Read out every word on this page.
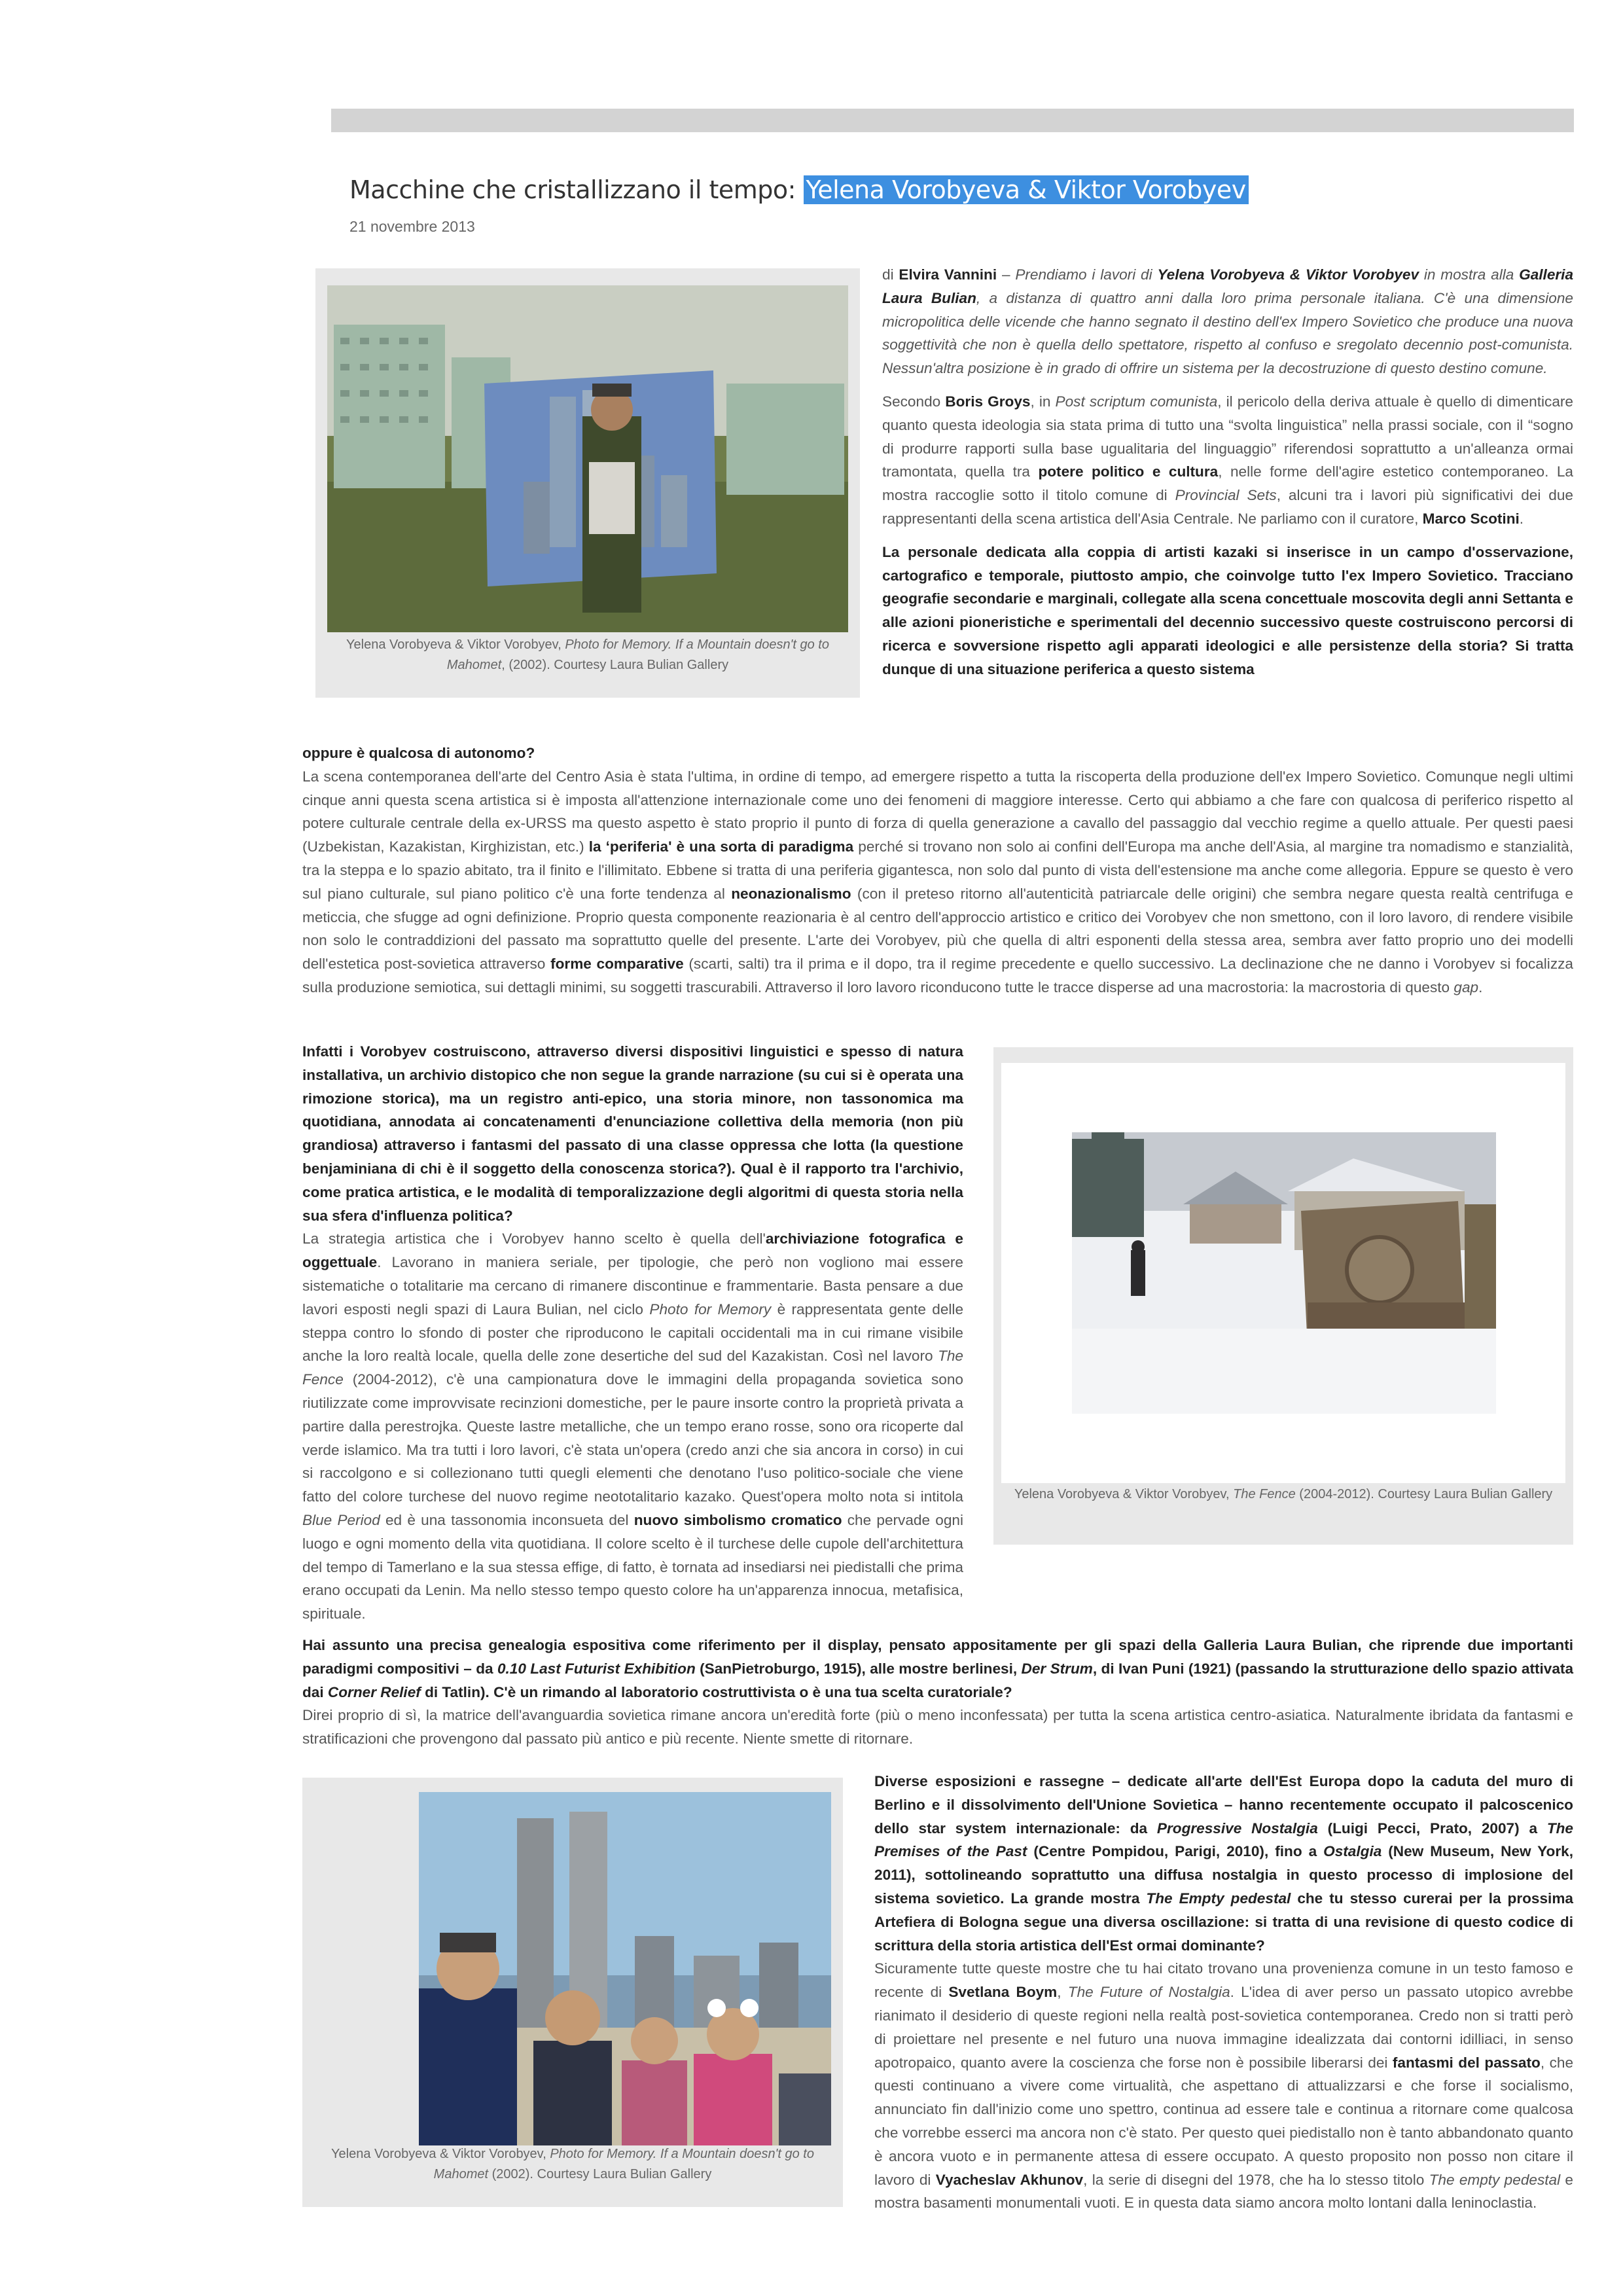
Macchine che cristallizzano il tempo: Yelena Vorobyeva & Viktor Vorobyev
21 novembre 2013
Yelena Vorobyeva & Viktor Vorobyev, Photo for Memory. If a Mountain doesn't go to Mahomet, (2002). Courtesy Laura Bulian Gallery

di Elvira Vannini – Prendiamo i lavori di Yelena Vorobyeva & Viktor Vorobyev in mostra alla Galleria Laura Bulian, a distanza di quattro anni dalla loro prima personale italiana. C'è una dimensione micropolitica delle vicende che hanno segnato il destino dell'ex Impero Sovietico che produce una nuova soggettività che non è quella dello spettatore, rispetto al confuso e sregolato decennio post-comunista. Nessun'altra posizione è in grado di offrire un sistema per la decostruzione di questo destino comune.

Secondo Boris Groys, in Post scriptum comunista, il pericolo della deriva attuale è quello di dimenticare quanto questa ideologia sia stata prima di tutto una “svolta linguistica” nella prassi sociale, con il “sogno di produrre rapporti sulla base ugualitaria del linguaggio” riferendosi soprattutto a un'alleanza ormai tramontata, quella tra potere politico e cultura, nelle forme dell'agire estetico contemporaneo. La mostra raccoglie sotto il titolo comune di Provincial Sets, alcuni tra i lavori più significativi dei due rappresentanti della scena artistica dell'Asia Centrale. Ne parliamo con il curatore, Marco Scotini.

La personale dedicata alla coppia di artisti kazaki si inserisce in un campo d'osservazione, cartografico e temporale, piuttosto ampio, che coinvolge tutto l'ex Impero Sovietico. Tracciano geografie secondarie e marginali, collegate alla scena concettuale moscovita degli anni Settanta e alle azioni pioneristiche e sperimentali del decennio successivo queste costruiscono percorsi di ricerca e sovversione rispetto agli apparati ideologici e alle persistenze della storia? Si tratta dunque di una situazione periferica a questo sistema

oppure è qualcosa di autonomo?

La scena contemporanea dell'arte del Centro Asia è stata l'ultima, in ordine di tempo, ad emergere rispetto a tutta la riscoperta della produzione dell'ex Impero Sovietico. Comunque negli ultimi cinque anni questa scena artistica si è imposta all'attenzione internazionale come uno dei fenomeni di maggiore interesse. Certo qui abbiamo a che fare con qualcosa di periferico rispetto al potere culturale centrale della ex-URSS ma questo aspetto è stato proprio il punto di forza di quella generazione a cavallo del passaggio dal vecchio regime a quello attuale. Per questi paesi (Uzbekistan, Kazakistan, Kirghizistan, etc.) la ‘periferia' è una sorta di paradigma perché si trovano non solo ai confini dell'Europa ma anche dell'Asia, al margine tra nomadismo e stanzialità, tra la steppa e lo spazio abitato, tra il finito e l'illimitato. Ebbene si tratta di una periferia gigantesca, non solo dal punto di vista dell'estensione ma anche come allegoria. Eppure se questo è vero sul piano culturale, sul piano politico c'è una forte tendenza al neonazionalismo (con il preteso ritorno all'autenticità patriarcale delle origini) che sembra negare questa realtà centrifuga e meticcia, che sfugge ad ogni definizione. Proprio questa componente reazionaria è al centro dell'approccio artistico e critico dei Vorobyev che non smettono, con il loro lavoro, di rendere visibile non solo le contraddizioni del passato ma soprattutto quelle del presente. L'arte dei Vorobyev, più che quella di altri esponenti della stessa area, sembra aver fatto proprio uno dei modelli dell'estetica post-sovietica attraverso forme comparative (scarti, salti) tra il prima e il dopo, tra il regime precedente e quello successivo. La declinazione che ne danno i Vorobyev si focalizza sulla produzione semiotica, sui dettagli minimi, su soggetti trascurabili. Attraverso il loro lavoro riconducono tutte le tracce disperse ad una macrostoria: la macrostoria di questo gap.

Yelena Vorobyeva & Viktor Vorobyev, The Fence (2004-2012). Courtesy Laura Bulian Gallery

Infatti i Vorobyev costruiscono, attraverso diversi dispositivi linguistici e spesso di natura installativa, un archivio distopico che non segue la grande narrazione (su cui si è operata una rimozione storica), ma un registro anti-epico, una storia minore, non tassonomica ma quotidiana, annodata ai concatenamenti d'enunciazione collettiva della memoria (non più grandiosa) attraverso i fantasmi del passato di una classe oppressa che lotta (la questione benjaminiana di chi è il soggetto della conoscenza storica?). Qual è il rapporto tra l'archivio, come pratica artistica, e le modalità di temporalizzazione degli algoritmi di questa storia nella sua sfera d'influenza politica?

La strategia artistica che i Vorobyev hanno scelto è quella dell'archiviazione fotografica e oggettuale. Lavorano in maniera seriale, per tipologie, che però non vogliono mai essere sistematiche o totalitarie ma cercano di rimanere discontinue e frammentarie. Basta pensare a due lavori esposti negli spazi di Laura Bulian, nel ciclo Photo for Memory è rappresentata gente delle steppa contro lo sfondo di poster che riproducono le capitali occidentali ma in cui rimane visibile anche la loro realtà locale, quella delle zone desertiche del sud del Kazakistan. Così nel lavoro The Fence (2004-2012), c'è una campionatura dove le immagini della propaganda sovietica sono riutilizzate come improvvisate recinzioni domestiche, per le paure insorte contro la proprietà privata a partire dalla perestrojka. Queste lastre metalliche, che un tempo erano rosse, sono ora ricoperte dal verde islamico. Ma tra tutti i loro lavori, c'è stata un'opera (credo anzi che sia ancora in corso) in cui si raccolgono e si collezionano tutti quegli elementi che denotano l'uso politico-sociale che viene fatto del colore turchese del nuovo regime neototalitario kazako. Quest'opera molto nota si intitola Blue Period ed è una tassonomia inconsueta del nuovo simbolismo cromatico che pervade ogni luogo e ogni momento della vita quotidiana. Il colore scelto è il turchese delle cupole dell'architettura del tempo di Tamerlano e la sua stessa effige, di fatto, è tornata ad insediarsi nei piedistalli che prima erano occupati da Lenin. Ma nello stesso tempo questo colore ha un'apparenza innocua, metafisica, spirituale.

Hai assunto una precisa genealogia espositiva come riferimento per il display, pensato appositamente per gli spazi della Galleria Laura Bulian, che riprende due importanti paradigmi compositivi – da 0.10 Last Futurist Exhibition (SanPietroburgo, 1915), alle mostre berlinesi, Der Strum, di Ivan Puni (1921) (passando la strutturazione dello spazio attivata dai Corner Relief di Tatlin). C'è un rimando al laboratorio costruttivista o è una tua scelta curatoriale?

Direi proprio di sì, la matrice dell'avanguardia sovietica rimane ancora un'eredità forte (più o meno inconfessata) per tutta la scena artistica centro-asiatica. Naturalmente ibridata da fantasmi e stratificazioni che provengono dal passato più antico e più recente. Niente smette di ritornare.

Yelena Vorobyeva & Viktor Vorobyev, Photo for Memory. If a Mountain doesn't go to Mahomet (2002). Courtesy Laura Bulian Gallery

Diverse esposizioni e rassegne – dedicate all'arte dell'Est Europa dopo la caduta del muro di Berlino e il dissolvimento dell'Unione Sovietica – hanno recentemente occupato il palcoscenico dello star system internazionale: da Progressive Nostalgia (Luigi Pecci, Prato, 2007) a The Premises of the Past (Centre Pompidou, Parigi, 2010), fino a Ostalgia (New Museum, New York, 2011), sottolineando soprattutto una diffusa nostalgia in questo processo di implosione del sistema sovietico. La grande mostra The Empty pedestal che tu stesso curerai per la prossima Artefiera di Bologna segue una diversa oscillazione: si tratta di una revisione di questo codice di scrittura della storia artistica dell'Est ormai dominante?

Sicuramente tutte queste mostre che tu hai citato trovano una provenienza comune in un testo famoso e recente di Svetlana Boym, The Future of Nostalgia. L'idea di aver perso un passato utopico avrebbe rianimato il desiderio di queste regioni nella realtà post-sovietica contemporanea. Credo non si tratti però di proiettare nel presente e nel futuro una nuova immagine idealizzata dai contorni idilliaci, in senso apotropaico, quanto avere la coscienza che forse non è possibile liberarsi dei fantasmi del passato, che questi continuano a vivere come virtualità, che aspettano di attualizzarsi e che forse il socialismo, annunciato fin dall'inizio come uno spettro, continua ad essere tale e continua a ritornare come qualcosa che vorrebbe esserci ma ancora non c'è stato. Per questo quei piedistallo non è tanto abbandonato quanto è ancora vuoto e in permanente attesa di essere occupato. A questo proposito non posso non citare il lavoro di Vyacheslav Akhunov, la serie di disegni del 1978, che ha lo stesso titolo The empty pedestal e mostra basamenti monumentali vuoti. E in questa data siamo ancora molto lontani dalla leninoclastia.
